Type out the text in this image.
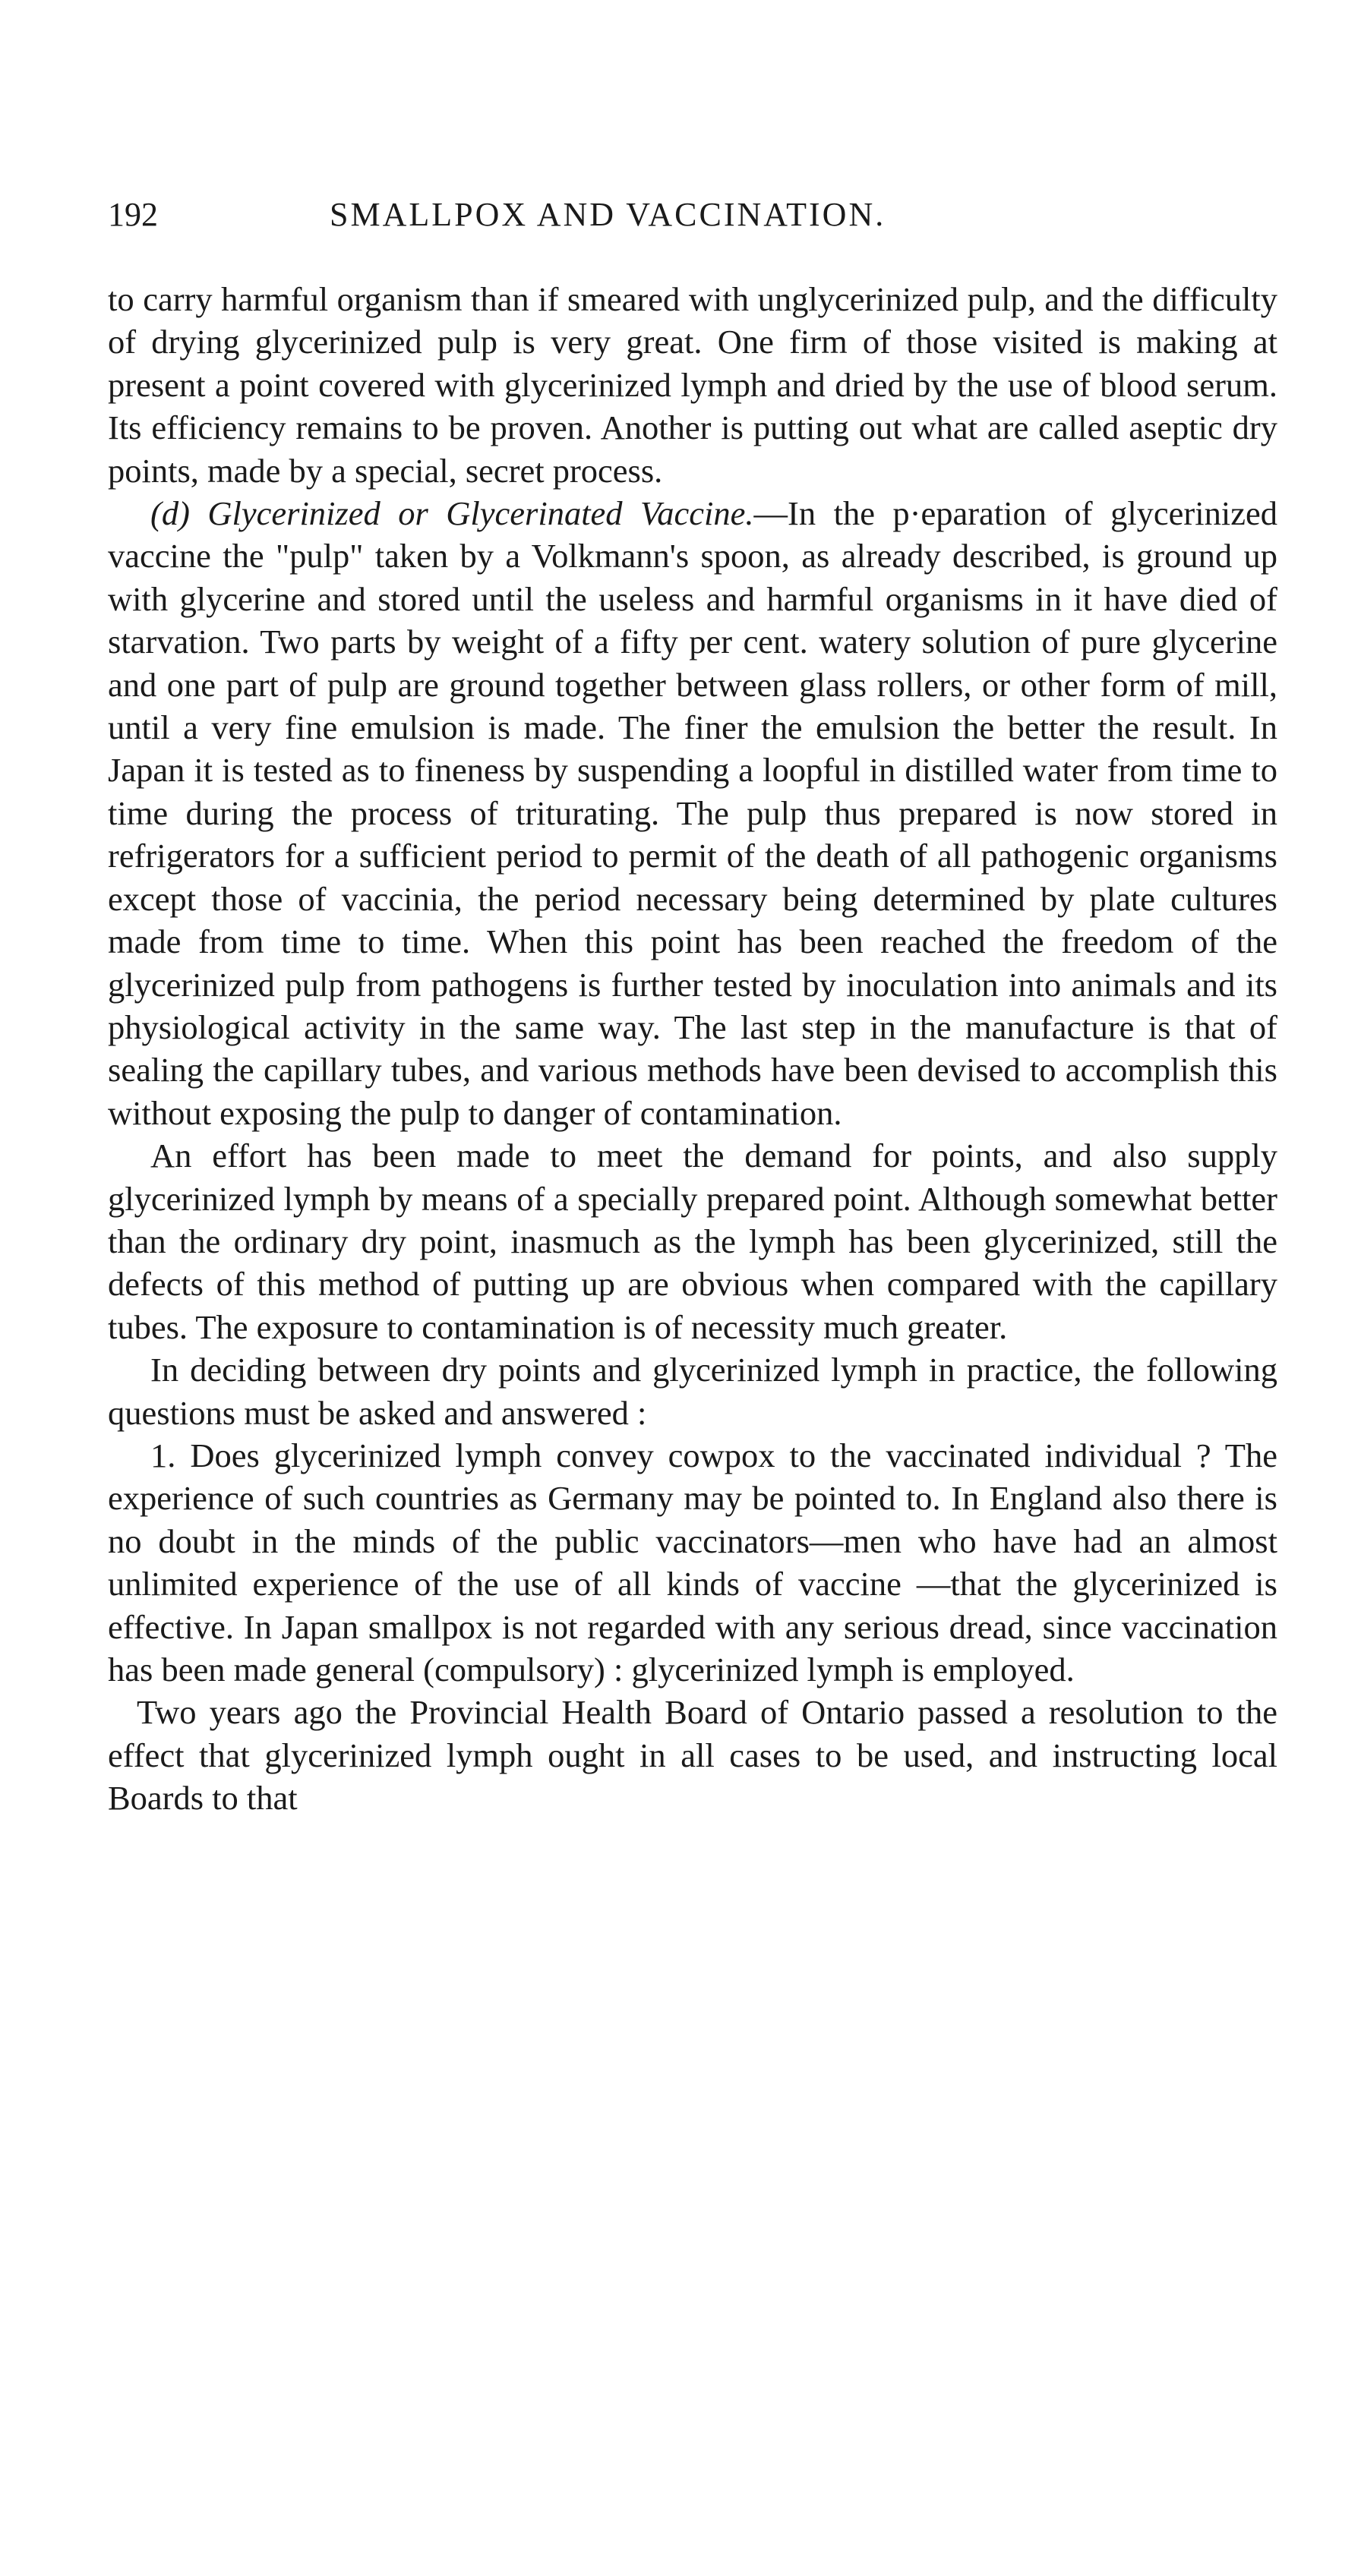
192	SMALLPOX AND VACCINATION.

to carry harmful organism than if smeared with unglycerinized pulp, and the difficulty of drying glycerinized pulp is very great. One firm of those visited is making at present a point covered with glycerinized lymph and dried by the use of blood serum. Its efficiency remains to be proven. Another is putting out what are called aseptic dry points, made by a special, secret process.

(d) Glycerinized or Glycerinated Vaccine.—In the p·eparation of glycerinized vaccine the "pulp" taken by a Volkmann's spoon, as already described, is ground up with glycerine and stored until the useless and harmful organisms in it have died of starvation. Two parts by weight of a fifty per cent. watery solution of pure glycerine and one part of pulp are ground together between glass rollers, or other form of mill, until a very fine emulsion is made. The finer the emulsion the better the result. In Japan it is tested as to fineness by suspending a loopful in distilled water from time to time during the process of triturating. The pulp thus prepared is now stored in refrigerators for a sufficient period to permit of the death of all pathogenic organisms except those of vaccinia, the period necessary being determined by plate cultures made from time to time. When this point has been reached the freedom of the glycerinized pulp from pathogens is further tested by inoculation into animals and its physiological activity in the same way. The last step in the manufacture is that of sealing the capillary tubes, and various methods have been devised to accomplish this without exposing the pulp to danger of contamination.

An effort has been made to meet the demand for points, and also supply glycerinized lymph by means of a specially prepared point. Although somewhat better than the ordinary dry point, inasmuch as the lymph has been glycerinized, still the defects of this method of putting up are obvious when compared with the capillary tubes. The exposure to contamination is of necessity much greater.

In deciding between dry points and glycerinized lymph in practice, the following questions must be asked and answered :

1. Does glycerinized lymph convey cowpox to the vaccinated individual ? The experience of such countries as Germany may be pointed to. In England also there is no doubt in the minds of the public vaccinators—men who have had an almost unlimited experience of the use of all kinds of vaccine —that the glycerinized is effective. In Japan smallpox is not regarded with any serious dread, since vaccination has been made general (compulsory) : glycerinized lymph is employed.

Two years ago the Provincial Health Board of Ontario passed a resolution to the effect that glycerinized lymph ought in all cases to be used, and instructing local Boards to that
